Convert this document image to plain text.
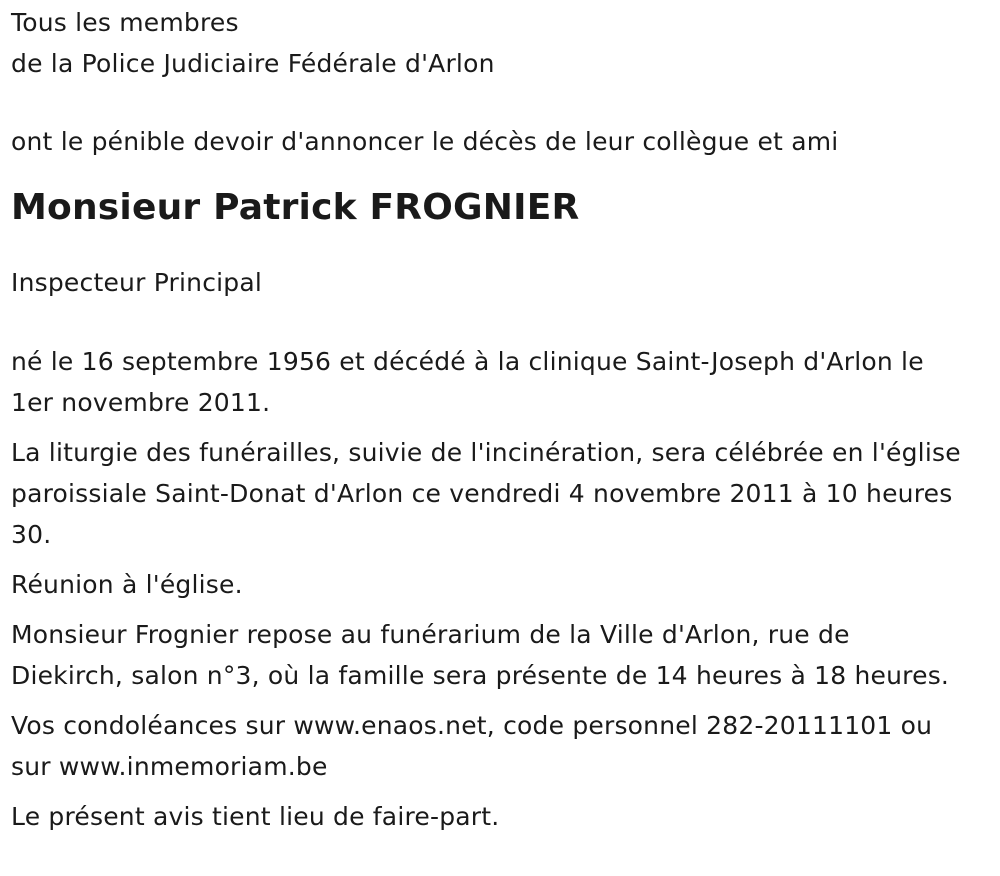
Tous les membres
de la Police Judiciaire Fédérale d'Arlon
ont le pénible devoir d'annoncer le décès de leur collègue et ami
Monsieur Patrick FROGNIER
Inspecteur Principal
né le 16 septembre 1956 et décédé à la clinique Saint-Joseph d'Arlon le
1er novembre 2011.
La liturgie des funérailles, suivie de l'incinération, sera célébrée en l'église
paroissiale Saint-Donat d'Arlon ce vendredi 4 novembre 2011 à 10 heures
30.
Réunion à l'église.
Monsieur Frognier repose au funérarium de la Ville d'Arlon, rue de
Diekirch, salon n°3, où la famille sera présente de 14 heures à 18 heures.
Vos condoléances sur www.enaos.net, code personnel 282-20111101 ou
sur www.inmemoriam.be
Le présent avis tient lieu de faire-part.
